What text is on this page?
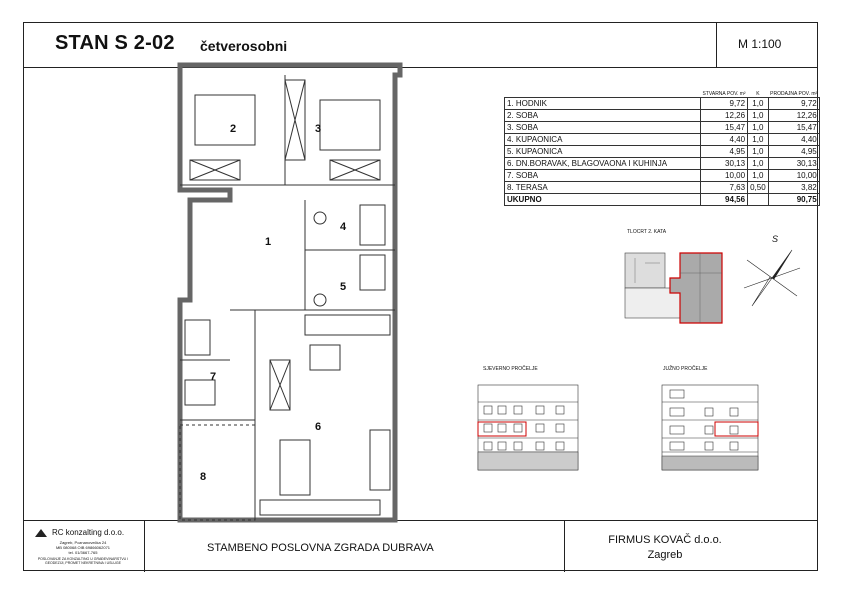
STAN S 2-02 četverosobni	M 1:100
2	3
1
4
5
7
6
8
	STVARNA POV. m²	K	PRODAJNA POV. m²
1. HODNIK	9,72	1,0	9,72
2. SOBA	12,26	1,0	12,26
3. SOBA	15,47	1,0	15,47
4. KUPAONICA	4,40	1,0	4,40
5. KUPAONICA	4,95	1,0	4,95
6. DN.BORAVAK, BLAGOVAONA I KUHINJA	30,13	1,0	30,13
7. SOBA	10,00	1,0	10,00
8. TERASA	7,63	0,50	3,82
UKUPNO	94,56		90,75
TLOCRT 2. KATA
S
SJEVERNO PROČELJE	JUŽNO PROČELJE
RC konzalting d.o.o.
Zagreb, Poznanovečka 24
MB 080068 OIB 69866062071
tel. 01/3667-765
POSLOVANJE ZA KONZALTING U GRAĐEVINARSTVU I
GEODEZIJI, PROMET NEKRETNINA I USLUGE
STAMBENO POSLOVNA ZGRADA DUBRAVA
FIRMUS KOVAČ d.o.o.
Zagreb
